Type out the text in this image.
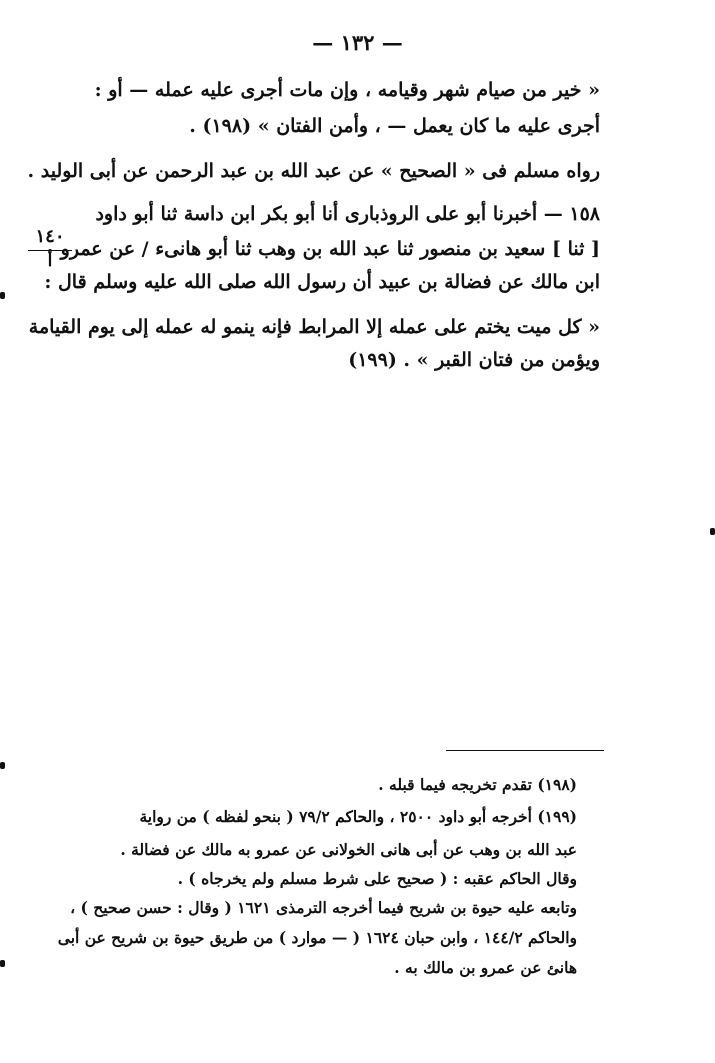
— ١٣٢ —
١٤٠
أ
« خير من صيام شهر وقيامه ، وإن مات أجرى عليه عمله — أو :
أجرى عليه ما كان يعمل — ، وأمن الفتان » (١٩٨) .
رواه مسلم فى « الصحيح » عن عبد الله بن عبد الرحمن عن أبى الوليد .
١٥٨ — أخبرنا أبو على الروذبارى أنا أبو بكر ابن داسة ثنا أبو داود
[ ثنا ] سعيد بن منصور ثنا عبد الله بن وهب ثنا أبو هانىء / عن عمرو
ابن مالك عن فضالة بن عبيد أن رسول الله صلى الله عليه وسلم قال :
« كل ميت يختم على عمله إلا المرابط فإنه ينمو له عمله إلى يوم القيامة
ويؤمن من فتان القبر » . (١٩٩)
(١٩٨) تقدم تخريجه فيما قبله .
(١٩٩) أخرجه أبو داود ٢٥٠٠ ، والحاكم ٧٩/٢ ( بنحو لفظه ) من رواية
عبد الله بن وهب عن أبى هانى الخولانى عن عمرو به مالك عن فضالة .
وقال الحاكم عقبه : ( صحيح على شرط مسلم ولم يخرجاه ) .
وتابعه عليه حيوة بن شريح فيما أخرجه الترمذى ١٦٢١ ( وقال : حسن صحيح ) ،
والحاكم ١٤٤/٢ ، وابن حبان ١٦٢٤ ( — موارد ) من طريق حيوة بن شريح عن أبى
هانئ عن عمرو بن مالك به .
